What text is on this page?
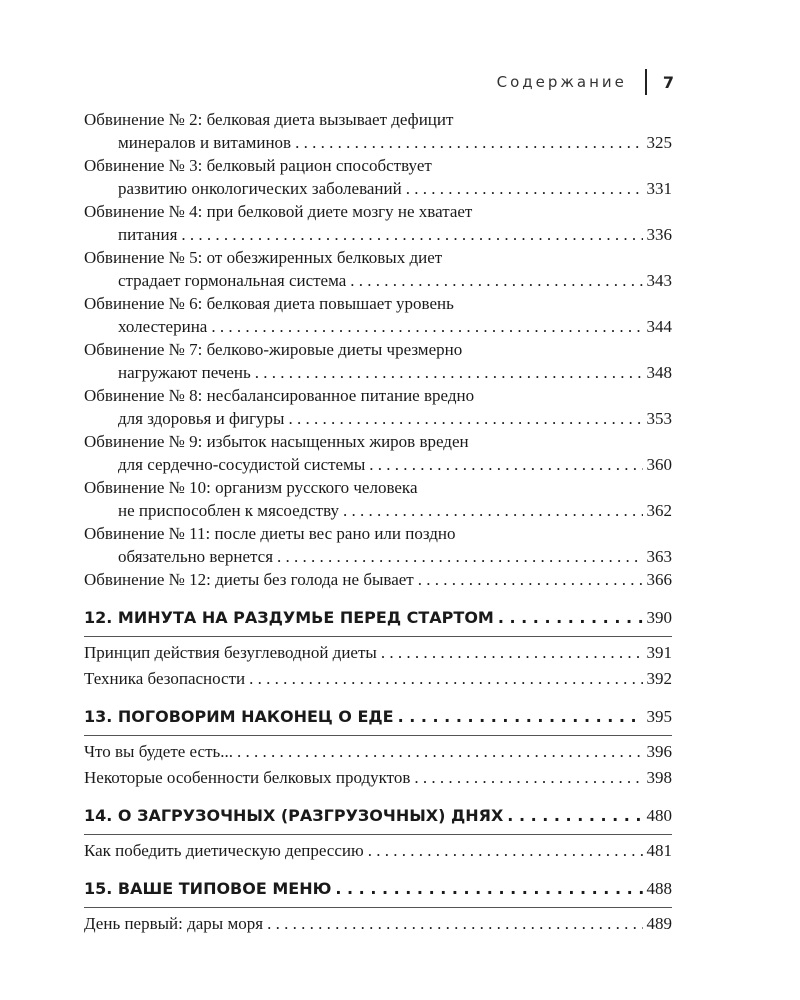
Содержание 7
Обвинение № 2: белковая диета вызывает дефицит
минералов и витаминов . . .	325
Обвинение № 3: белковый рацион способствует
развитию онкологических заболеваний . . .	331
Обвинение № 4: при белковой диете мозгу не хватает
питания . . .	336
Обвинение № 5: от обезжиренных белковых диет
страдает гормональная система . . .	343
Обвинение № 6: белковая диета повышает уровень
холестерина . . .	344
Обвинение № 7: белково-жировые диеты чрезмерно
нагружают печень . . .	348
Обвинение № 8: несбалансированное питание вредно
для здоровья и фигуры . . .	353
Обвинение № 9: избыток насыщенных жиров вреден
для сердечно-сосудистой системы . . .	360
Обвинение № 10: организм русского человека
не приспособлен к мясоедству . . .	362
Обвинение № 11: после диеты вес рано или поздно
обязательно вернется . . .	363
Обвинение № 12: диеты без голода не бывает . . .	366
12. МИНУТА НА РАЗДУМЬЕ ПЕРЕД СТАРТОМ . . .	390
Принцип действия безуглеводной диеты . . .	391
Техника безопасности . . .	392
13. ПОГОВОРИМ НАКОНЕЦ О ЕДЕ . . .	395
Что вы будете есть... . . .	396
Некоторые особенности белковых продуктов . . .	398
14. О ЗАГРУЗОЧНЫХ (РАЗГРУЗОЧНЫХ) ДНЯХ . . .	480
Как победить диетическую депрессию . . .	481
15. ВАШЕ ТИПОВОЕ МЕНЮ . . .	488
День первый: дары моря . . .	489
